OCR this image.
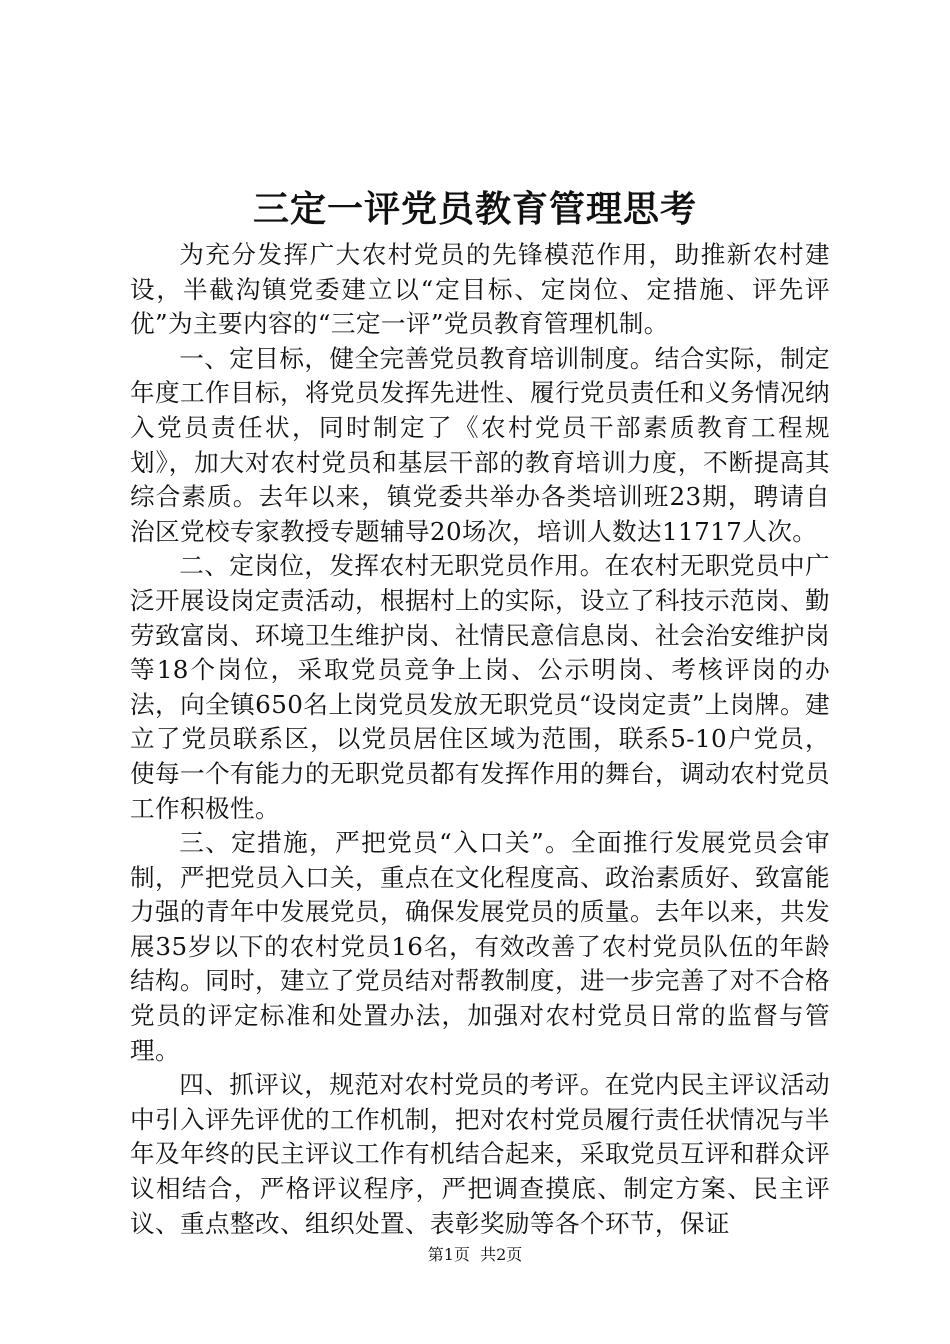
三定一评党员教育管理思考

为充分发挥广大农村党员的先锋模范作用，助推新农村建设，半截沟镇党委建立以“定目标、定岗位、定措施、评先评优”为主要内容的“三定一评”党员教育管理机制。

一、定目标，健全完善党员教育培训制度。结合实际，制定年度工作目标，将党员发挥先进性、履行党员责任和义务情况纳入党员责任状，同时制定了《农村党员干部素质教育工程规划》，加大对农村党员和基层干部的教育培训力度，不断提高其综合素质。去年以来，镇党委共举办各类培训班23期，聘请自治区党校专家教授专题辅导20场次，培训人数达11717人次。

二、定岗位，发挥农村无职党员作用。在农村无职党员中广泛开展设岗定责活动，根据村上的实际，设立了科技示范岗、勤劳致富岗、环境卫生维护岗、社情民意信息岗、社会治安维护岗等18个岗位，采取党员竞争上岗、公示明岗、考核评岗的办法，向全镇650名上岗党员发放无职党员“设岗定责”上岗牌。建立了党员联系区，以党员居住区域为范围，联系5-10户党员，使每一个有能力的无职党员都有发挥作用的舞台，调动农村党员工作积极性。

三、定措施，严把党员“入口关”。全面推行发展党员会审制，严把党员入口关，重点在文化程度高、政治素质好、致富能力强的青年中发展党员，确保发展党员的质量。去年以来，共发展35岁以下的农村党员16名，有效改善了农村党员队伍的年龄结构。同时，建立了党员结对帮教制度，进一步完善了对不合格党员的评定标准和处置办法，加强对农村党员日常的监督与管理。

四、抓评议，规范对农村党员的考评。在党内民主评议活动中引入评先评优的工作机制，把对农村党员履行责任状情况与半年及年终的民主评议工作有机结合起来，采取党员互评和群众评议相结合，严格评议程序，严把调查摸底、制定方案、民主评议、重点整改、组织处置、表彰奖励等各个环节，保证

第1页 共2页
